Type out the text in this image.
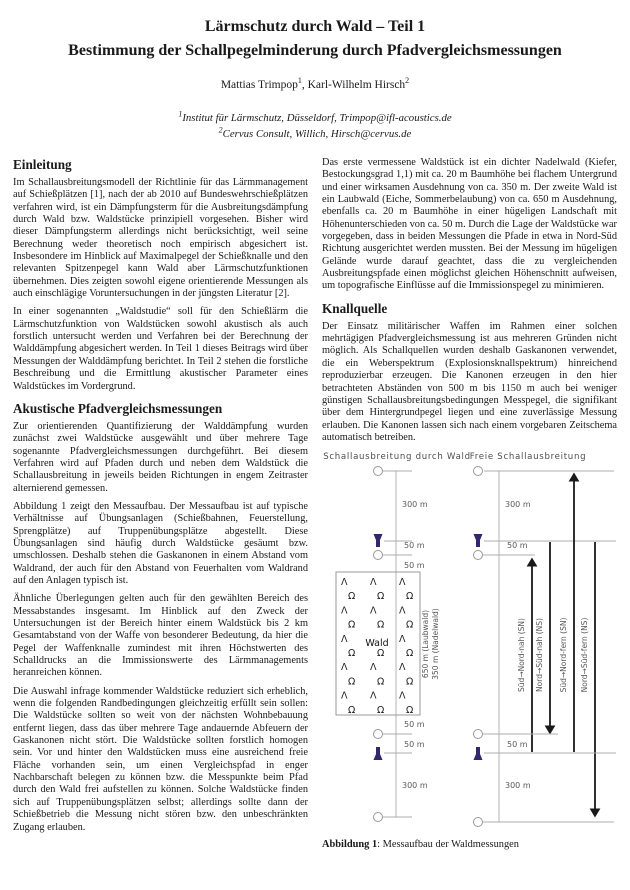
Lärmschutz durch Wald – Teil 1
Bestimmung der Schallpegelminderung durch Pfadvergleichsmessungen
Mattias Trimpop$^1$, Karl-Wilhelm Hirsch$^2$
$^1$Institut für Lärmschutz, Düsseldorf, Trimpop@ifl-acoustics.de
$^2$Cervus Consult, Willich, Hirsch@cervus.de
Einleitung

Im Schallausbreitungsmodell der Richtlinie für das Lärmmanagement auf Schießplätzen [1], nach der ab 2010 auf Bundeswehrschießplätzen verfahren wird, ist ein Dämpfungsterm für die Ausbreitungsdämpfung durch Wald bzw. Waldstücke prinzipiell vorgesehen. Bisher wird dieser Dämpfungsterm allerdings nicht berücksichtigt, weil seine Berechnung weder theoretisch noch empirisch abgesichert ist. Insbesondere im Hinblick auf Maximalpegel der Schießknalle und den relevanten Spitzenpegel kann Wald aber Lärmschutzfunktionen übernehmen. Dies zeigten sowohl eigene orientierende Messungen als auch einschlägige Voruntersuchungen in der jüngsten Literatur [2].

In einer sogenannten „Waldstudie“ soll für den Schießlärm die Lärmschutzfunktion von Waldstücken sowohl akustisch als auch forstlich untersucht werden und Verfahren bei der Berechnung der Walddämpfung abgesichert werden. In Teil 1 dieses Beitrags wird über Messungen der Walddämpfung berichtet. In Teil 2 stehen die forstliche Beschreibung und die Ermittlung akustischer Parameter eines Waldstückes im Vordergrund.

Akustische Pfadvergleichsmessungen

Zur orientierenden Quantifizierung der Walddämpfung wurden zunächst zwei Waldstücke ausgewählt und über mehrere Tage sogenannte Pfadvergleichsmessungen durchgeführt. Bei diesem Verfahren wird auf Pfaden durch und neben dem Waldstück die Schallausbreitung in jeweils beiden Richtungen in engem Zeitraster alternierend gemessen.

Abbildung 1 zeigt den Messaufbau. Der Messaufbau ist auf typische Verhältnisse auf Übungsanlagen (Schießbahnen, Feuerstellung, Sprengplätze) auf Truppenübungsplätze abgestellt. Diese Übungsanlagen sind häufig durch Waldstücke gesäumt bzw. umschlossen. Deshalb stehen die Gaskanonen in einem Abstand vom Waldrand, der auch für den Abstand von Feuerhalten vom Waldrand auf den Anlagen typisch ist.

Ähnliche Überlegungen gelten auch für den gewählten Bereich des Messabstandes insgesamt. Im Hinblick auf den Zweck der Untersuchungen ist der Bereich hinter einem Waldstück bis 2 km Gesamtabstand von der Waffe von besonderer Bedeutung, da hier die Pegel der Waffenknalle zumindest mit ihren Höchstwerten des Schalldrucks an die Immissionswerte des Lärmmanagements heranreichen können.

Die Auswahl infrage kommender Waldstücke reduziert sich erheblich, wenn die folgenden Randbedingungen gleichzeitig erfüllt sein sollen: Die Waldstücke sollten so weit von der nächsten Wohnbebauung entfernt liegen, dass das über mehrere Tage andauernde Abfeuern der Gaskanonen nicht stört. Die Waldstücke sollten forstlich homogen sein. Vor und hinter den Waldstücken muss eine ausreichend freie Fläche vorhanden sein, um einen Vergleichspfad in enger Nachbarschaft belegen zu können bzw. die Messpunkte beim Pfad durch den Wald frei aufstellen zu können. Solche Waldstücke finden sich auf Truppenübungsplätzen selbst; allerdings sollte dann der Schießbetrieb die Messung nicht stören bzw. den unbeschränkten Zugang erlauben.

Das erste vermessene Waldstück ist ein dichter Nadelwald (Kiefer, Bestockungsgrad 1,1) mit ca. 20 m Baumhöhe bei flachem Untergrund und einer wirksamen Ausdehnung von ca. 350 m. Der zweite Wald ist ein Laubwald (Eiche, Sommerbelaubung) von ca. 650 m Ausdehnung, ebenfalls ca. 20 m Baumhöhe in einer hügeligen Landschaft mit Höhenunterschieden von ca. 50 m. Durch die Lage der Waldstücke war vorgegeben, dass in beiden Messungen die Pfade in etwa in Nord-Süd Richtung ausgerichtet werden mussten. Bei der Messung im hügeligen Gelände wurde darauf geachtet, dass die zu vergleichenden Ausbreitungspfade einen möglichst gleichen Höhenschnitt aufweisen, um topografische Einflüsse auf die Immissionspegel zu minimieren.

Knallquelle

Der Einsatz militärischer Waffen im Rahmen einer solchen mehrtägigen Pfadvergleichsmessung ist aus mehreren Gründen nicht möglich. Als Schallquellen wurden deshalb Gaskanonen verwendet, die ein Weberspektrum (Explosionsknallspektrum) hinreichend reproduzierbar erzeugen. Die Kanonen erzeugen in den hier betrachteten Abständen von 500 m bis 1150 m auch bei weniger günstigen Schallausbreitungsbedingungen Messpegel, die signifikant über dem Hintergrundpegel liegen und eine zuverlässige Messung erlauben. Die Kanonen lassen sich nach einem vorgebaren Zeitschema automatisch betreiben.

Schallausbreitung durch Wald
Freie Schallausbreitung
300 m
50 m
50 m
Λ Λ Λ
Ω Ω Ω
Λ Λ Λ
Ω Ω Ω
Λ	Λ
Ω Ω Ω
Λ Λ Λ
Ω Ω Ω
Λ Λ Λ
Ω Ω Ω
Wald	650 m (Laubwald) 350 m (Nadelwald)
50 m
50 m
300 m
300 m
50 m
Süd→Nord-nah (SN) Nord→Süd-nah (NS) Süd→Nord-fern (SN) Nord→Süd-fern (NS)
50 m
300 m
Abbildung 1: Messaufbau der Waldmessungen
